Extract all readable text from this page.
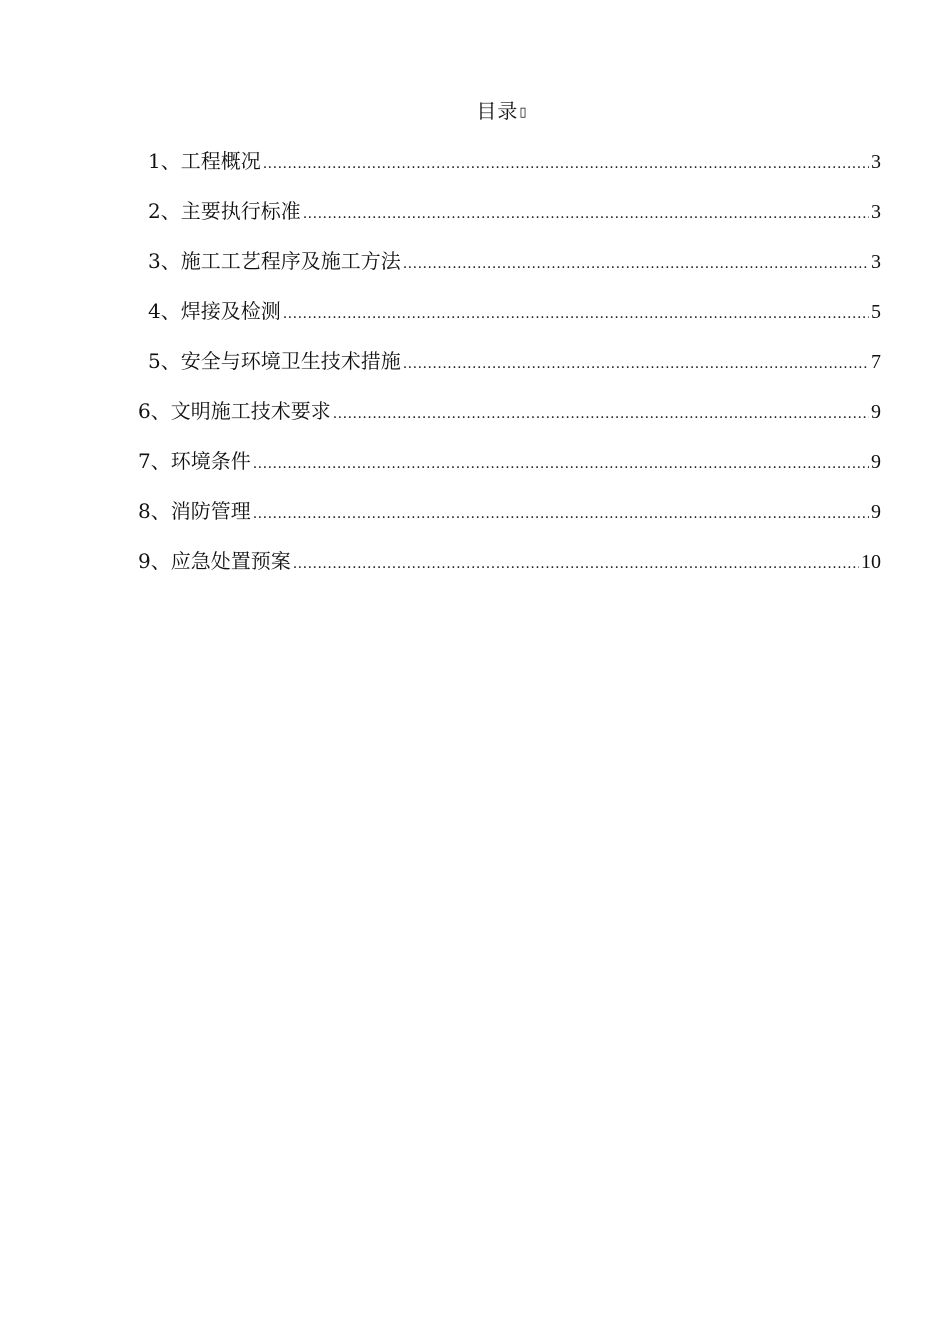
目录▯
1、工程概况 .....	3
2、主要执行标准 .....	3
3、施工工艺程序及施工方法 .....	3
4、焊接及检测 .....	5
5、安全与环境卫生技术措施 .....	7
6、文明施工技术要求 .....	9
7、环境条件 .....	9
8、消防管理 .....	9
9、应急处置预案 .....	10
